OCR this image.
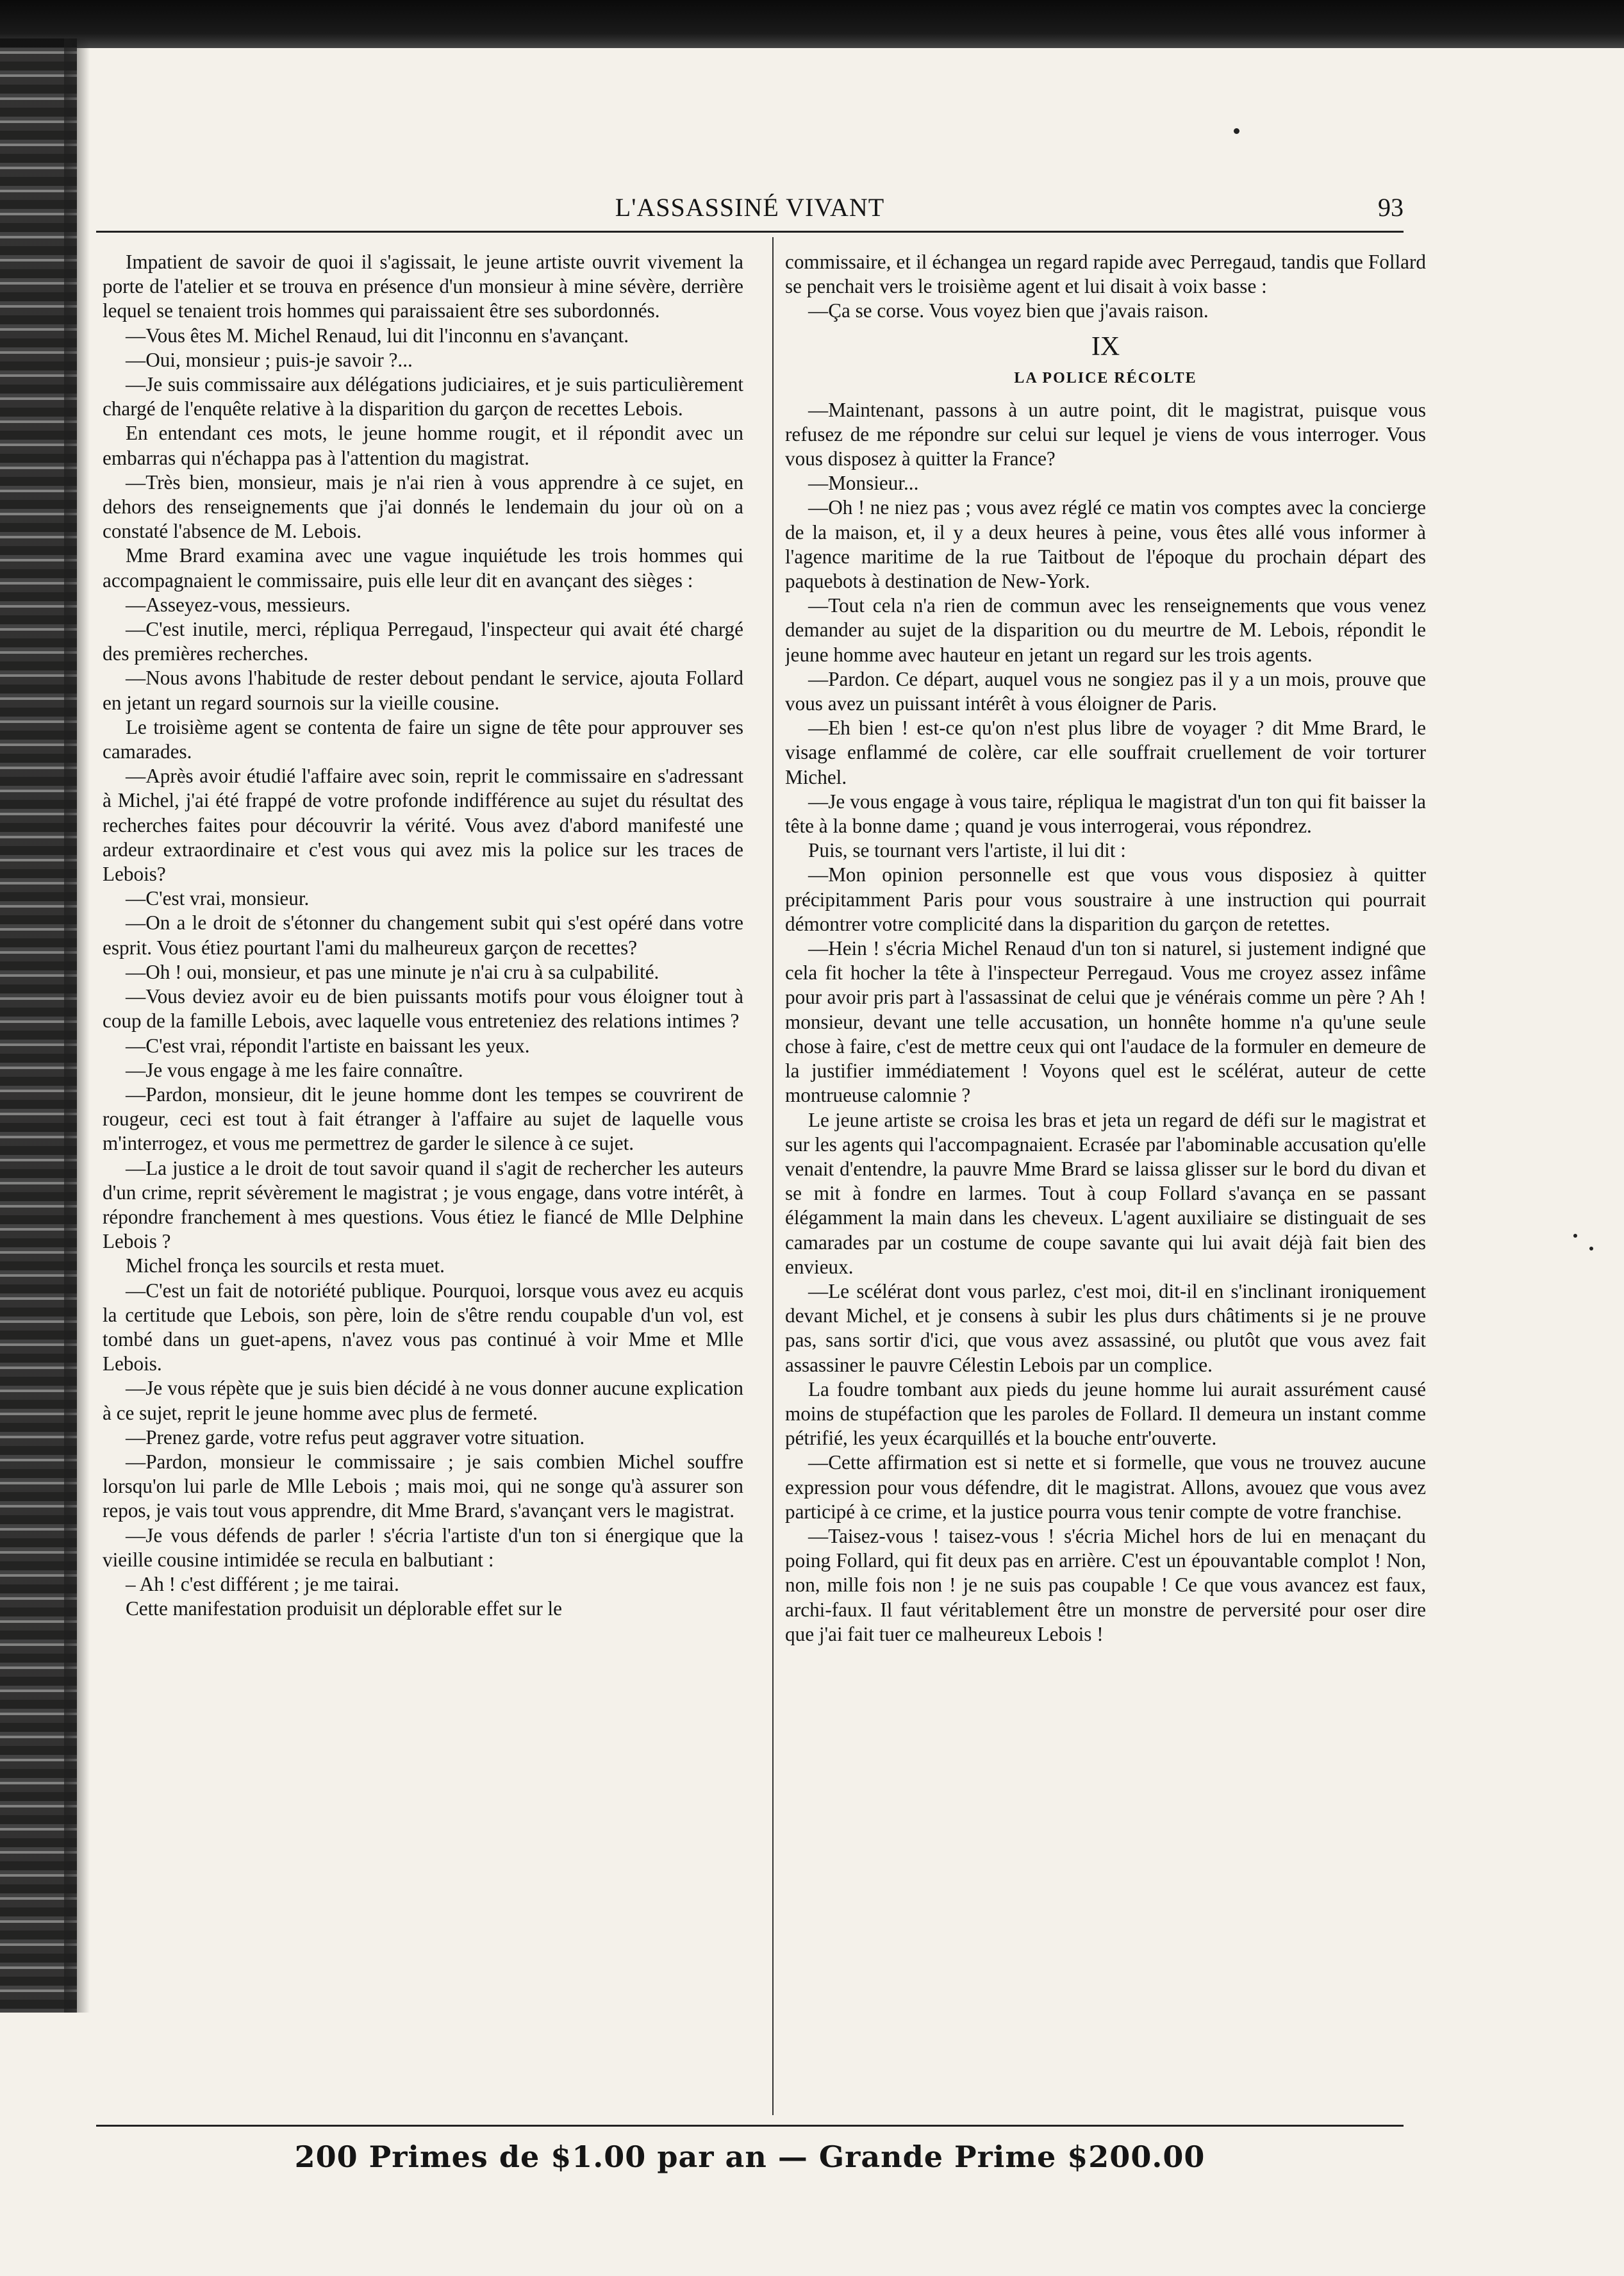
L'ASSASSINÉ VIVANT	93

Impatient de savoir de quoi il s'agissait, le jeune artiste ouvrit vivement la porte de l'atelier et se trouva en présence d'un monsieur à mine sévère, derrière lequel se tenaient trois hommes qui paraissaient être ses subordonnés.

—Vous êtes M. Michel Renaud, lui dit l'inconnu en s'avançant.

—Oui, monsieur ; puis-je savoir ?...

—Je suis commissaire aux délégations judiciaires, et je suis particulièrement chargé de l'enquête relative à la disparition du garçon de recettes Lebois.

En entendant ces mots, le jeune homme rougit, et il répondit avec un embarras qui n'échappa pas à l'attention du magistrat.

—Très bien, monsieur, mais je n'ai rien à vous apprendre à ce sujet, en dehors des renseignements que j'ai donnés le lendemain du jour où on a constaté l'absence de M. Lebois.

Mme Brard examina avec une vague inquiétude les trois hommes qui accompagnaient le commissaire, puis elle leur dit en avançant des sièges :

—Asseyez-vous, messieurs.

—C'est inutile, merci, répliqua Perregaud, l'inspecteur qui avait été chargé des premières recherches.

—Nous avons l'habitude de rester debout pendant le service, ajouta Follard en jetant un regard sournois sur la vieille cousine.

Le troisième agent se contenta de faire un signe de tête pour approuver ses camarades.

—Après avoir étudié l'affaire avec soin, reprit le commissaire en s'adressant à Michel, j'ai été frappé de votre profonde indifférence au sujet du résultat des recherches faites pour découvrir la vérité. Vous avez d'abord manifesté une ardeur extraordinaire et c'est vous qui avez mis la police sur les traces de Lebois?

—C'est vrai, monsieur.

—On a le droit de s'étonner du changement subit qui s'est opéré dans votre esprit. Vous étiez pourtant l'ami du malheureux garçon de recettes?

—Oh ! oui, monsieur, et pas une minute je n'ai cru à sa culpabilité.

—Vous deviez avoir eu de bien puissants motifs pour vous éloigner tout à coup de la famille Lebois, avec laquelle vous entreteniez des relations intimes ?

—C'est vrai, répondit l'artiste en baissant les yeux.

—Je vous engage à me les faire connaître.

—Pardon, monsieur, dit le jeune homme dont les tempes se couvrirent de rougeur, ceci est tout à fait étranger à l'affaire au sujet de laquelle vous m'interrogez, et vous me permettrez de garder le silence à ce sujet.

—La justice a le droit de tout savoir quand il s'agit de rechercher les auteurs d'un crime, reprit sévèrement le magistrat ; je vous engage, dans votre intérêt, à répondre franchement à mes questions. Vous étiez le fiancé de Mlle Delphine Lebois ?

Michel fronça les sourcils et resta muet.

—C'est un fait de notoriété publique. Pourquoi, lorsque vous avez eu acquis la certitude que Lebois, son père, loin de s'être rendu coupable d'un vol, est tombé dans un guet-apens, n'avez vous pas continué à voir Mme et Mlle Lebois.

—Je vous répète que je suis bien décidé à ne vous donner aucune explication à ce sujet, reprit le jeune homme avec plus de fermeté.

—Prenez garde, votre refus peut aggraver votre situation.

—Pardon, monsieur le commissaire ; je sais combien Michel souffre lorsqu'on lui parle de Mlle Lebois ; mais moi, qui ne songe qu'à assurer son repos, je vais tout vous apprendre, dit Mme Brard, s'avançant vers le magistrat.

—Je vous défends de parler ! s'écria l'artiste d'un ton si énergique que la vieille cousine intimidée se recula en balbutiant :

– Ah ! c'est différent ; je me tairai.

Cette manifestation produisit un déplorable effet sur le

commissaire, et il échangea un regard rapide avec Perregaud, tandis que Follard se penchait vers le troisième agent et lui disait à voix basse :

—Ça se corse. Vous voyez bien que j'avais raison.

IX
LA POLICE RÉCOLTE

—Maintenant, passons à un autre point, dit le magistrat, puisque vous refusez de me répondre sur celui sur lequel je viens de vous interroger. Vous vous disposez à quitter la France?

—Monsieur...

—Oh ! ne niez pas ; vous avez réglé ce matin vos comptes avec la concierge de la maison, et, il y a deux heures à peine, vous êtes allé vous informer à l'agence maritime de la rue Taitbout de l'époque du prochain départ des paquebots à destination de New-York.

—Tout cela n'a rien de commun avec les renseignements que vous venez demander au sujet de la disparition ou du meurtre de M. Lebois, répondit le jeune homme avec hauteur en jetant un regard sur les trois agents.

—Pardon. Ce départ, auquel vous ne songiez pas il y a un mois, prouve que vous avez un puissant intérêt à vous éloigner de Paris.

—Eh bien ! est-ce qu'on n'est plus libre de voyager ? dit Mme Brard, le visage enflammé de colère, car elle souffrait cruellement de voir torturer Michel.

—Je vous engage à vous taire, répliqua le magistrat d'un ton qui fit baisser la tête à la bonne dame ; quand je vous interrogerai, vous répondrez.

Puis, se tournant vers l'artiste, il lui dit :

—Mon opinion personnelle est que vous vous disposiez à quitter précipitamment Paris pour vous soustraire à une instruction qui pourrait démontrer votre complicité dans la disparition du garçon de retettes.

—Hein ! s'écria Michel Renaud d'un ton si naturel, si justement indigné que cela fit hocher la tête à l'inspecteur Perregaud. Vous me croyez assez infâme pour avoir pris part à l'assassinat de celui que je vénérais comme un père ? Ah ! monsieur, devant une telle accusation, un honnête homme n'a qu'une seule chose à faire, c'est de mettre ceux qui ont l'audace de la formuler en demeure de la justifier immédiatement ! Voyons quel est le scélérat, auteur de cette montrueuse calomnie ?

Le jeune artiste se croisa les bras et jeta un regard de défi sur le magistrat et sur les agents qui l'accompagnaient. Ecrasée par l'abominable accusation qu'elle venait d'entendre, la pauvre Mme Brard se laissa glisser sur le bord du divan et se mit à fondre en larmes. Tout à coup Follard s'avança en se passant élégamment la main dans les cheveux. L'agent auxiliaire se distinguait de ses camarades par un costume de coupe savante qui lui avait déjà fait bien des envieux.

—Le scélérat dont vous parlez, c'est moi, dit-il en s'inclinant ironiquement devant Michel, et je consens à subir les plus durs châtiments si je ne prouve pas, sans sortir d'ici, que vous avez assassiné, ou plutôt que vous avez fait assassiner le pauvre Célestin Lebois par un complice.

La foudre tombant aux pieds du jeune homme lui aurait assurément causé moins de stupéfaction que les paroles de Follard. Il demeura un instant comme pétrifié, les yeux écarquillés et la bouche entr'ouverte.

—Cette affirmation est si nette et si formelle, que vous ne trouvez aucune expression pour vous défendre, dit le magistrat. Allons, avouez que vous avez participé à ce crime, et la justice pourra vous tenir compte de votre franchise.

—Taisez-vous ! taisez-vous ! s'écria Michel hors de lui en menaçant du poing Follard, qui fit deux pas en arrière. C'est un épouvantable complot ! Non, non, mille fois non ! je ne suis pas coupable ! Ce que vous avancez est faux, archi-faux. Il faut véritablement être un monstre de perversité pour oser dire que j'ai fait tuer ce malheureux Lebois !

200 Primes de $1.00 par an — Grande Prime $200.00
